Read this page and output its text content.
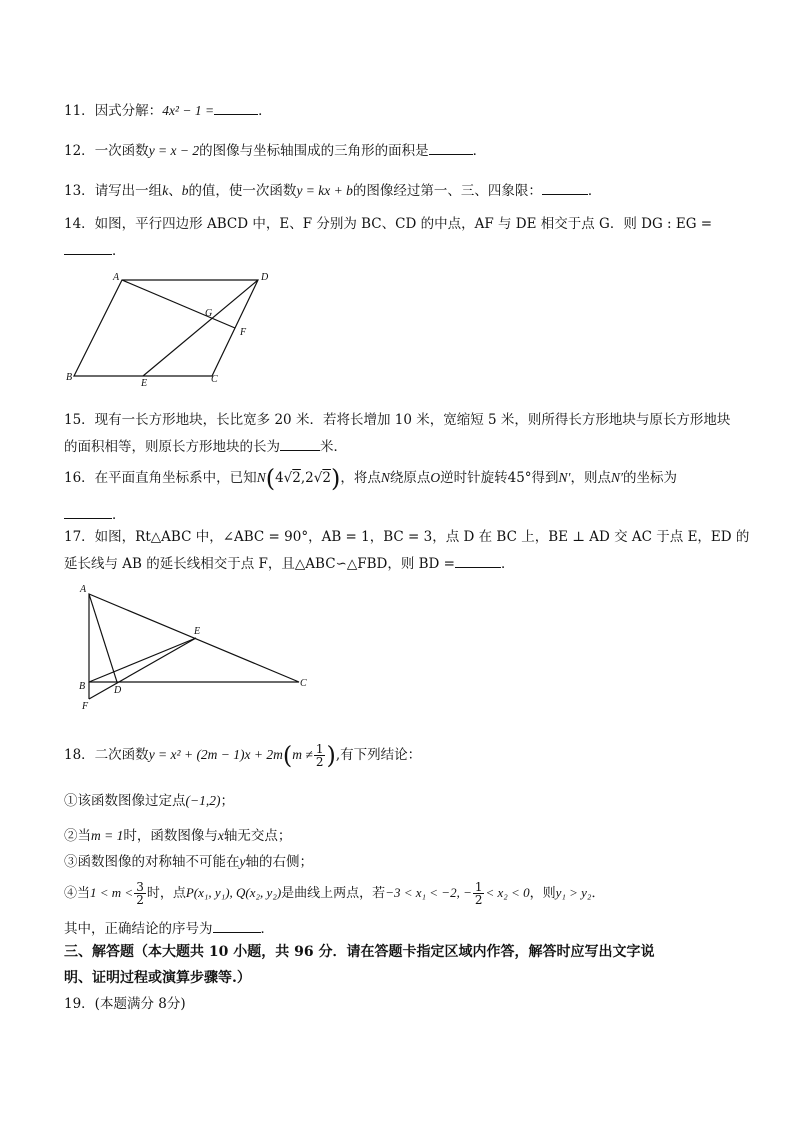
11．因式分解：4x² − 1 =	．
12．一次函数y = x − 2的图像与坐标轴围成的三角形的面积是	．
13．请写出一组k、b的值，使一次函数y = kx + b的图像经过第一、三、四象限：	．
14．如图，平行四边形 ABCD 中，E、F 分别为 BC、CD 的中点，AF 与 DE 相交于点 G．则 DG : EG =
．
A	D
B	C
E
F
G
15．现有一长方形地块，长比宽多 20 米．若将长增加 10 米，宽缩短 5 米，则所得长方形地块与原长方形地块
的面积相等，则原长方形地块的长为	米．
16．在平面直角坐标系中，已知N(4√2,2√2)，将点N绕原点O逆时针旋转45°得到N′，则点N′的坐标为
．
17．如图，Rt△ABC 中，∠ABC = 90°，AB = 1，BC = 3，点 D 在 BC 上，BE ⊥ AD 交 AC 于点 E，ED 的
延长线与 AB 的延长线相交于点 F，且△ABC∽△FBD，则 BD =	．
A
B	C
D
E
F
18．二次函数$y = x^2 + (2m - 1)x + 2m(m \ne \frac{1}{2}$ ),有下列结论：
①该函数图像过定点(−1,2)；
②当m = 1时，函数图像与x轴无交点；
③函数图像的对称轴不可能在y轴的右侧；
④当$1 < m < \frac{3}{2}$ 时，点P(x₁, y₁), Q(x₂, y₂)是曲线上两点，若−3 < x₁ < −2, − $\frac{1}{2} < x_2 < 0$，则y₁ > y₂．
其中，正确结论的序号为	．
三、解答题（本大题共 10 小题，共 96 分．请在答题卡指定区域内作答，解答时应写出文字说
明、证明过程或演算步骤等.）
19．(本题满分 8分)
